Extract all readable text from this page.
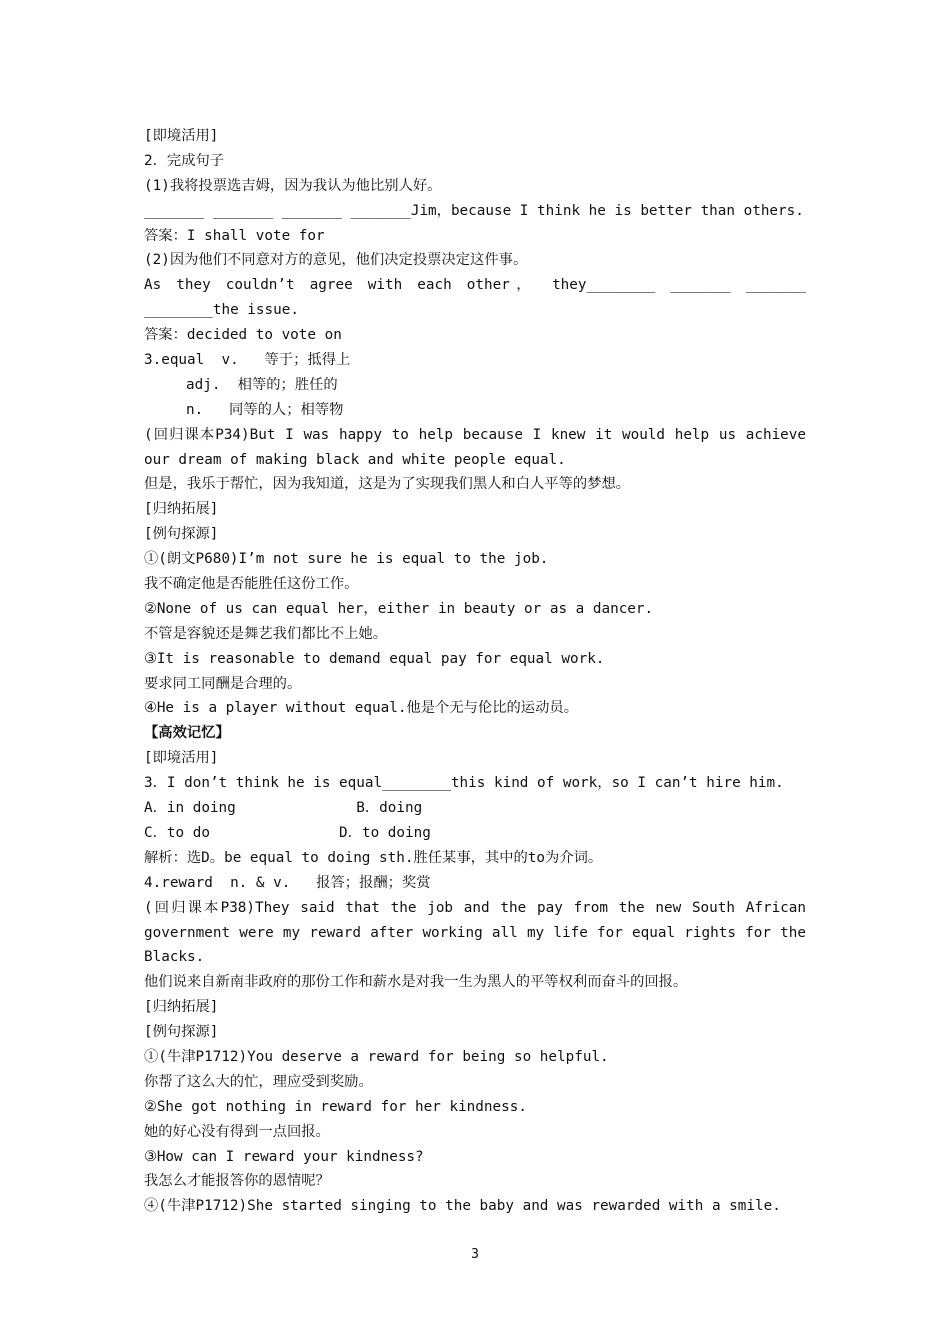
[即境活用]
2．完成句子
(1)我将投票选吉姆，因为我认为他比别人好。
_______ _______ _______ _______Jim，because I think he is better than others.
答案：I shall vote for
(2)因为他们不同意对方的意见，他们决定投票决定这件事。
As they couldn’t agree with each other， they________ _______ _______
________the issue.
答案：decided to vote on
3.equal  v.   等于；抵得上
adj.  相等的；胜任的
n.   同等的人；相等物
(回归课本P34)But I was happy to help because I knew it would help us achieve
our dream of making black and white people equal.
但是，我乐于帮忙，因为我知道，这是为了实现我们黑人和白人平等的梦想。
[归纳拓展]
[例句探源]
①(朗文P680)I’m not sure he is equal to the job.
我不确定他是否能胜任这份工作。
②None of us can equal her，either in beauty or as a dancer.
不管是容貌还是舞艺我们都比不上她。
③It is reasonable to demand equal pay for equal work.
要求同工同酬是合理的。
④He is a player without equal.他是个无与伦比的运动员。
【高效记忆】
[即境活用]
3．I don’t think he is equal________this kind of work，so I can’t hire him.
A．in doing              B．doing
C．to do               D．to doing
解析：选D。be equal to doing sth.胜任某事，其中的to为介词。
4.reward  n. & v.   报答；报酬；奖赏
(回归课本P38)They said that the job and the pay from the new South African
government were my reward after working all my life for equal rights for the
Blacks.
他们说来自新南非政府的那份工作和薪水是对我一生为黑人的平等权利而奋斗的回报。
[归纳拓展]
[例句探源]
①(牛津P1712)You deserve a reward for being so helpful.
你帮了这么大的忙，理应受到奖励。
②She got nothing in reward for her kindness.
她的好心没有得到一点回报。
③How can I reward your kindness?
我怎么才能报答你的恩情呢？
④(牛津P1712)She started singing to the baby and was rewarded with a smile.
3
